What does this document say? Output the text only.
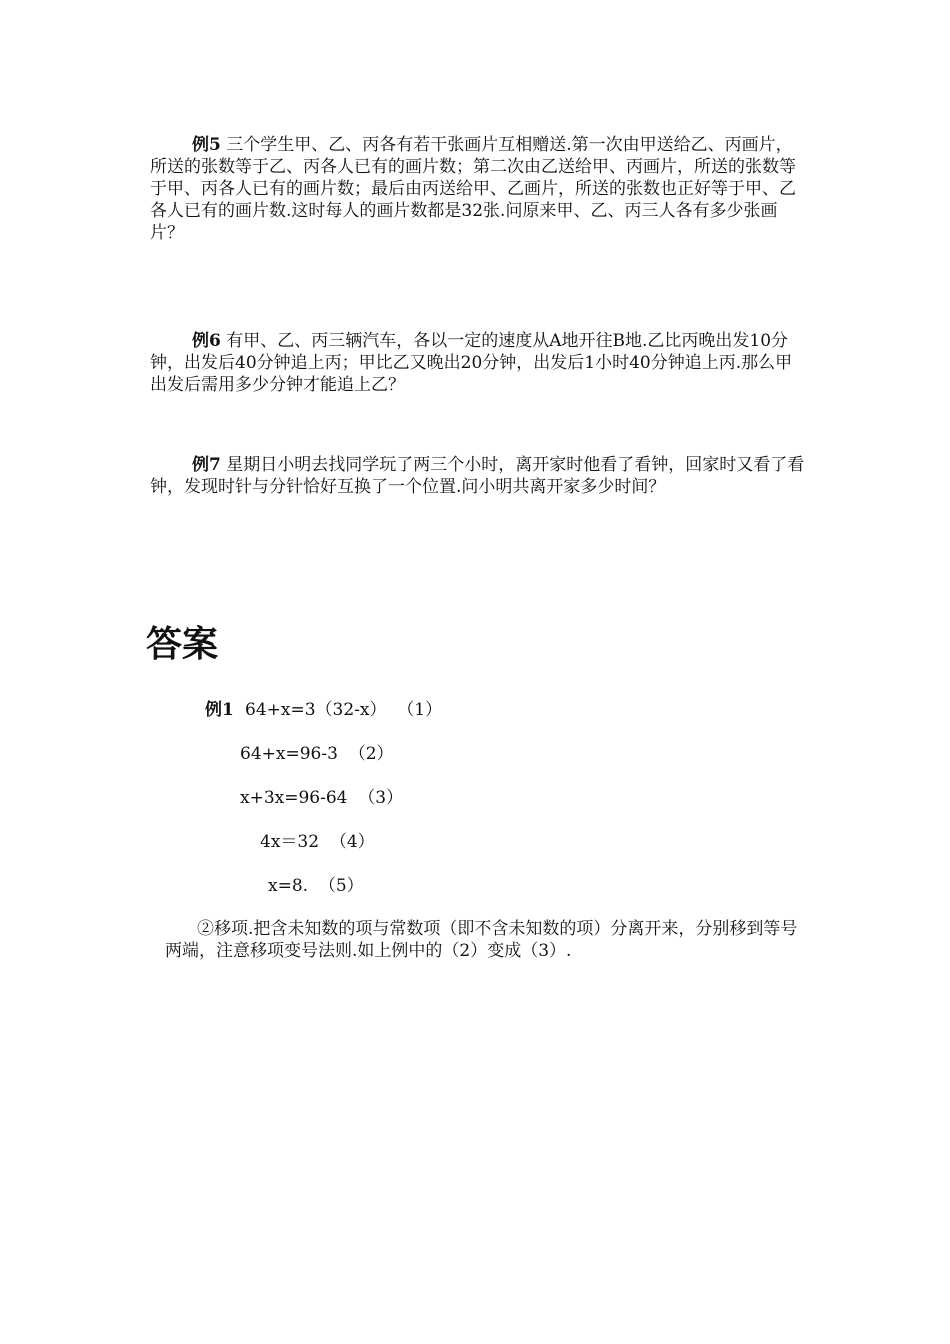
例5 三个学生甲、乙、丙各有若干张画片互相赠送.第一次由甲送给乙、丙画片，所送的张数等于乙、丙各人已有的画片数；第二次由乙送给甲、丙画片，所送的张数等于甲、丙各人已有的画片数；最后由丙送给甲、乙画片，所送的张数也正好等于甲、乙各人已有的画片数.这时每人的画片数都是32张.问原来甲、乙、丙三人各有多少张画片？

例6 有甲、乙、丙三辆汽车，各以一定的速度从A地开往B地.乙比丙晚出发10分钟，出发后40分钟追上丙；甲比乙又晚出20分钟，出发后1小时40分钟追上丙.那么甲出发后需用多少分钟才能追上乙？

例7 星期日小明去找同学玩了两三个小时，离开家时他看了看钟，回家时又看了看钟，发现时针与分针恰好互换了一个位置.问小明共离开家多少时间？

答案
例1 64+x=3（32-x）  （1）
64+x=96-3  （2）
x+3x=96-64  （3）
4x＝32  （4）
x=8.  （5）

②移项.把含未知数的项与常数项（即不含未知数的项）分离开来，分别移到等号两端，注意移项变号法则.如上例中的（2）变成（3）.
